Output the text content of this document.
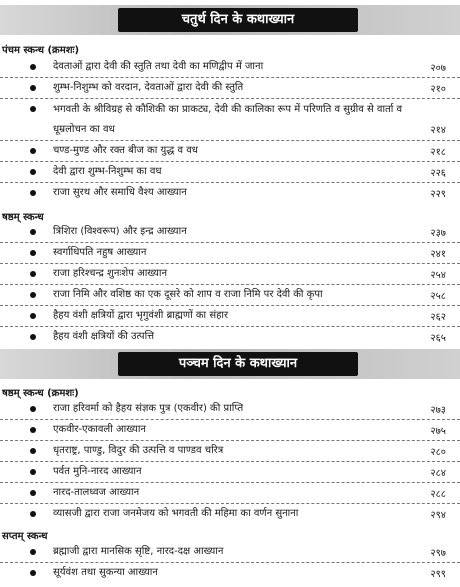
चतुर्थ दिन के कथाख्यान
पंचम स्कन्ध (क्रमशः)
देवताओं द्वारा देवी की स्तुति तथा देवी का मणिद्वीप में जाना	२०७
शुम्भ-निशुम्भ को वरदान, देवताओं द्वारा देवी की स्तुति	२१०
भगवती के श्रीविग्रह से कौशिकी का प्राकट्य, देवी की कालिका रूप में परिणति व सुग्रीव से वार्ता व धूम्रलोचन का वध	२१४
चण्ड-मुण्ड और रक्त बीज का युद्ध व वध	२१८
देवी द्वारा शुम्भ-निशुम्भ का वध	२२६
राजा सुरथ और समाधि वैश्य आख्यान	२२९
षष्ठम् स्कन्ध
त्रिशिरा (विश्वरूप) और इन्द्र आख्यान	२३७
स्वर्गाधिपति नहुष आख्यान	२४१
राजा हरिश्चन्द्र शुनःशेप आख्यान	२५४
राजा निमि और वशिष्ठ का एक दूसरे को शाप व राजा निमि पर देवी की कृपा	२५८
हैहय वंशी क्षत्रियों द्वारा भृगुवंशी ब्राह्मणों का संहार	२६२
हैहय वंशी क्षत्रियों की उत्पत्ति	२६५
पञ्चम दिन के कथाख्यान
षष्ठम् स्कन्ध (क्रमशः)
राजा हरिवर्मा को हैहय संज्ञक पुत्र (एकवीर) की प्राप्ति	२७३
एकवीर-एकावली आख्यान	२७५
धृतराष्ट्र, पाण्डु, विदुर की उत्पत्ति व पाण्डव चरित्र	२८०
पर्वत मुनि-नारद आख्यान	२८४
नारद-तालध्वज आख्यान	२८८
व्यासजी द्वारा राजा जनमेजय को भगवती की महिमा का वर्णन सुनाना	२९४
सप्तम् स्कन्ध
ब्रह्माजी द्वारा मानसिक सृष्टि, नारद-दक्ष आख्यान	२९७
सूर्यवंश तथा सुकन्या आख्यान	२९९
